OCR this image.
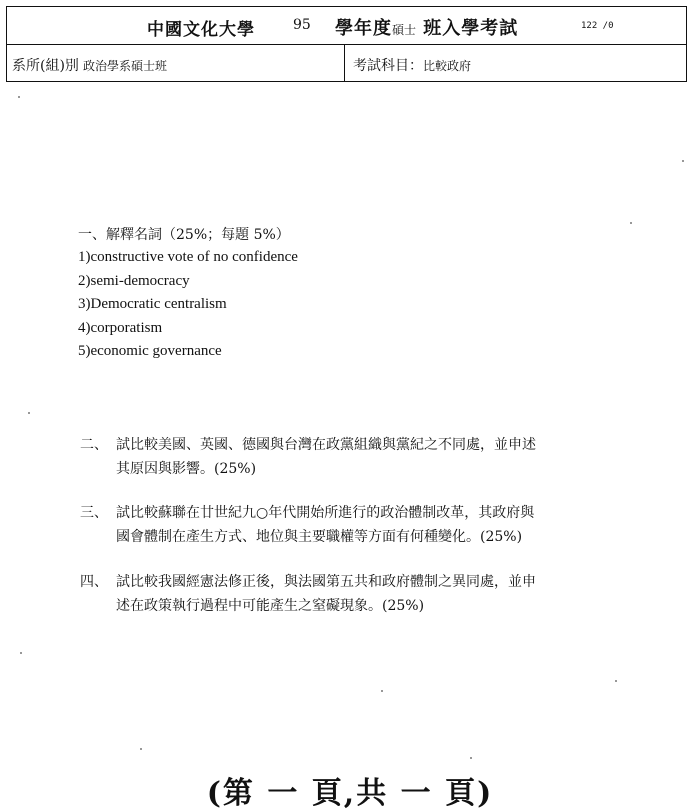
中國文化大學	95 學年度碩士 班入學考試	122 /0
系所(組)別 政治學系碩士班	考試科目：比較政府
一、解釋名詞（25%；每題 5%）
1)constructive vote of no confidence
2)semi-democracy
3)Democratic centralism
4)corporatism
5)economic governance
二、 試比較美國、英國、德國與台灣在政黨組織與黨紀之不同處，並申述
其原因與影響。(25%)
三、 試比較蘇聯在廿世紀九○年代開始所進行的政治體制改革，其政府與
國會體制在產生方式、地位與主要職權等方面有何種變化。(25%)
四、 試比較我國經憲法修正後，與法國第五共和政府體制之異同處，並申
述在政策執行過程中可能產生之窒礙現象。(25%)
(第 一 頁,共 一 頁)
